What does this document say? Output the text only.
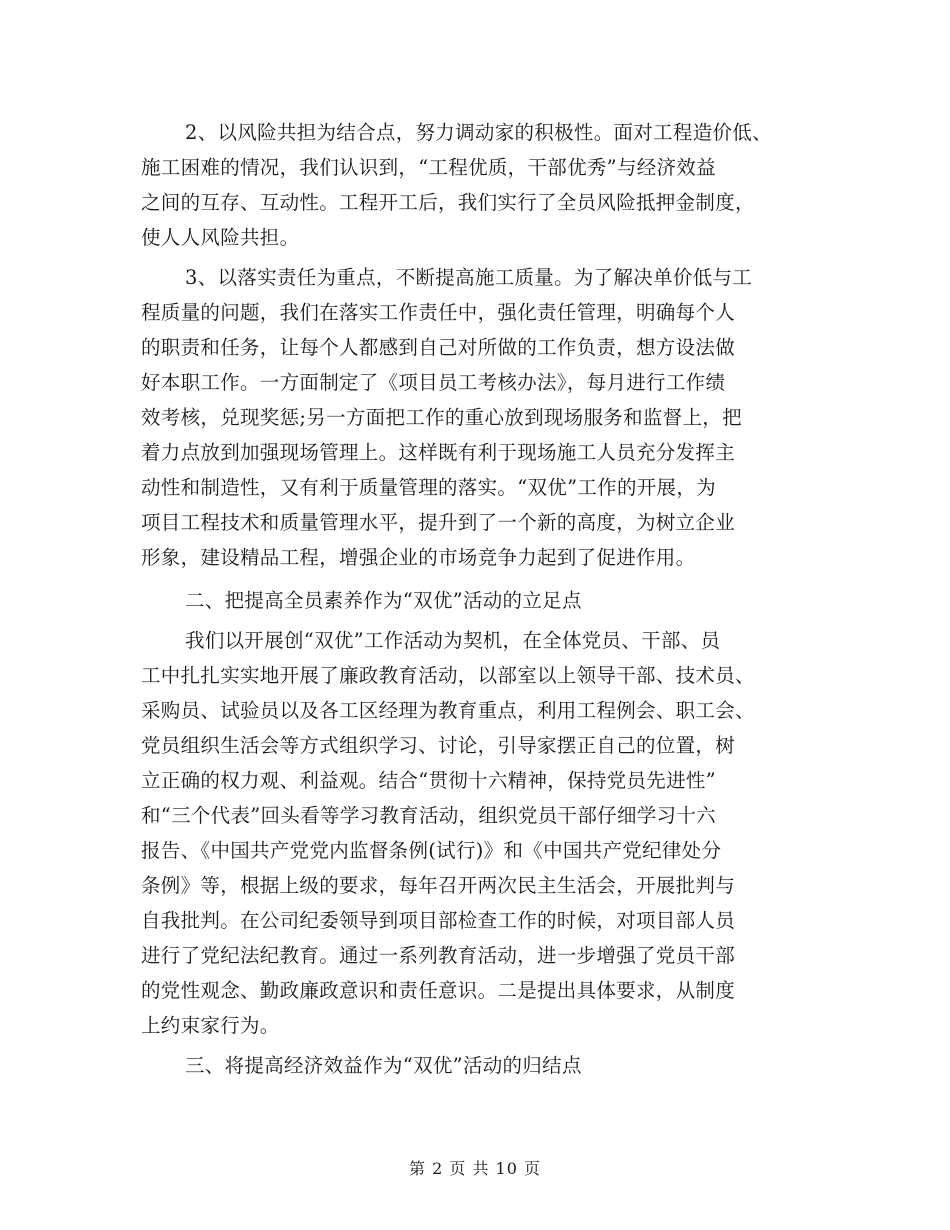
2、以风险共担为结合点，努力调动家的积极性。面对工程造价低、
施工困难的情况，我们认识到，“工程优质，干部优秀”与经济效益
之间的互存、互动性。工程开工后，我们实行了全员风险抵押金制度，
使人人风险共担。
3、以落实责任为重点，不断提高施工质量。为了解决单价低与工
程质量的问题，我们在落实工作责任中，强化责任管理，明确每个人
的职责和任务，让每个人都感到自己对所做的工作负责，想方设法做
好本职工作。一方面制定了《项目员工考核办法》，每月进行工作绩
效考核，兑现奖惩;另一方面把工作的重心放到现场服务和监督上，把
着力点放到加强现场管理上。这样既有利于现场施工人员充分发挥主
动性和制造性，又有利于质量管理的落实。“双优”工作的开展，为
项目工程技术和质量管理水平，提升到了一个新的高度，为树立企业
形象，建设精品工程，增强企业的市场竞争力起到了促进作用。
二、把提高全员素养作为“双优”活动的立足点
我们以开展创“双优”工作活动为契机，在全体党员、干部、员
工中扎扎实实地开展了廉政教育活动，以部室以上领导干部、技术员、
采购员、试验员以及各工区经理为教育重点，利用工程例会、职工会、
党员组织生活会等方式组织学习、讨论，引导家摆正自己的位置，树
立正确的权力观、利益观。结合“贯彻十六精神，保持党员先进性”
和“三个代表”回头看等学习教育活动，组织党员干部仔细学习十六
报告、《中国共产党党内监督条例(试行)》和《中国共产党纪律处分
条例》等，根据上级的要求，每年召开两次民主生活会，开展批判与
自我批判。在公司纪委领导到项目部检查工作的时候，对项目部人员
进行了党纪法纪教育。通过一系列教育活动，进一步增强了党员干部
的党性观念、勤政廉政意识和责任意识。二是提出具体要求，从制度
上约束家行为。
三、将提高经济效益作为“双优”活动的归结点
第 2 页 共 10 页
